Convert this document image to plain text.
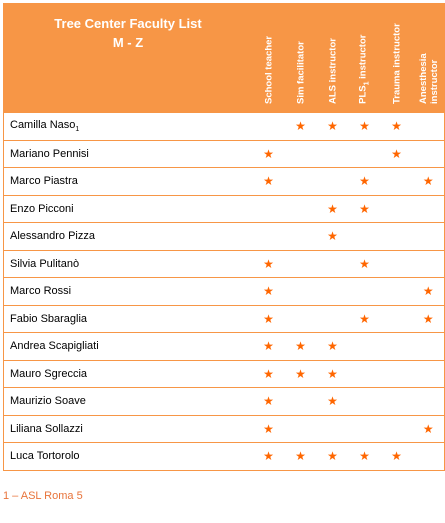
Tree Center Faculty List
M - Z	School teacher	Sim facilitator	ALS instructor	$PLS_1$ instructor	Trauma instructor	Anesthesia instructor

Camilla Naso$_1$		★	★	★	★	
Mariano Pennisi	★				★	
Marco Piastra	★			★		★
Enzo Picconi			★	★		
Alessandro Pizza			★			
Silvia Pulitanò	★			★		
Marco Rossi	★					★
Fabio Sbaraglia	★			★		★
Andrea Scapigliati	★	★	★			
Mauro Sgreccia	★	★	★			
Maurizio Soave	★		★			
Liliana Sollazzi	★					★
Luca Tortorolo	★	★	★	★	★	
1 – ASL Roma 5
